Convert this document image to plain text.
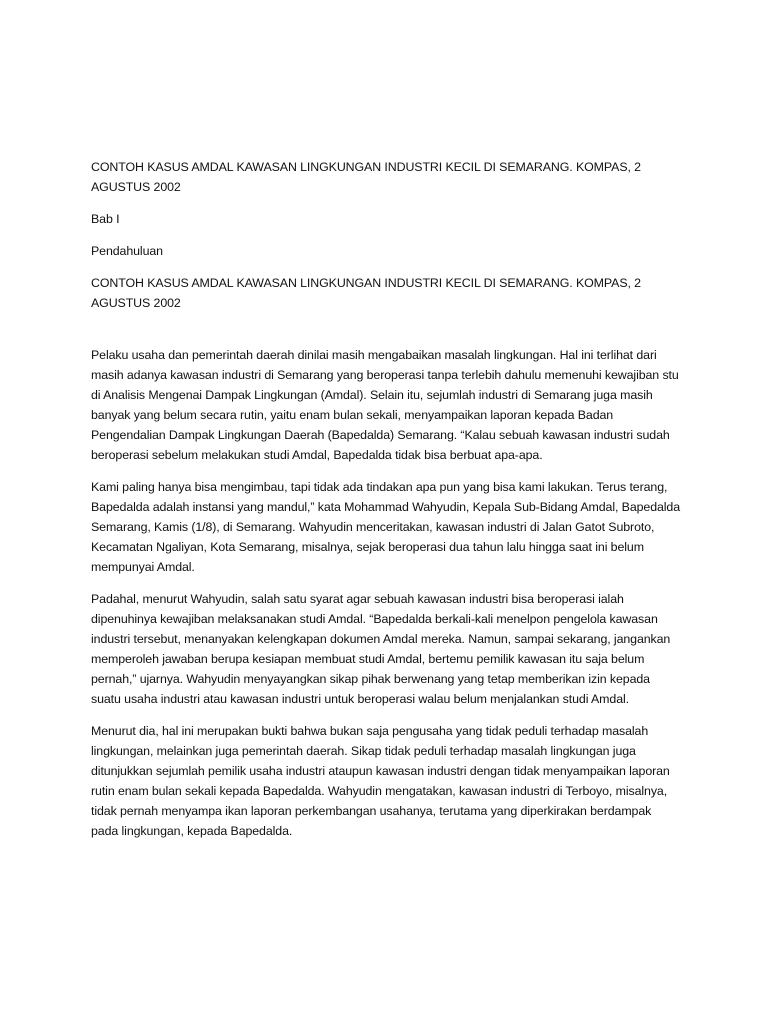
CONTOH KASUS AMDAL KAWASAN LINGKUNGAN INDUSTRI KECIL DI SEMARANG. KOMPAS, 2 AGUSTUS 2002

Bab I

Pendahuluan

CONTOH KASUS AMDAL KAWASAN LINGKUNGAN INDUSTRI KECIL DI SEMARANG. KOMPAS, 2 AGUSTUS 2002

Pelaku usaha dan pemerintah daerah dinilai masih mengabaikan masalah lingkungan. Hal ini terlihat dari masih adanya kawasan industri di Semarang yang beroperasi tanpa terlebih dahulu memenuhi kewajiban stu di Analisis Mengenai Dampak Lingkungan (Amdal). Selain itu, sejumlah industri di Semarang juga masih banyak yang belum secara rutin, yaitu enam bulan sekali, menyampaikan laporan kepada Badan Pengendalian Dampak Lingkungan Daerah (Bapedalda) Semarang. “Kalau sebuah kawasan industri sudah beroperasi sebelum melakukan studi Amdal, Bapedalda tidak bisa berbuat apa-apa.

Kami paling hanya bisa mengimbau, tapi tidak ada tindakan apa pun yang bisa kami lakukan. Terus terang, Bapedalda adalah instansi yang mandul,” kata Mohammad Wahyudin, Kepala Sub-Bidang Amdal, Bapedalda Semarang, Kamis (1/8), di Semarang. Wahyudin menceritakan, kawasan industri di Jalan Gatot Subroto, Kecamatan Ngaliyan, Kota Semarang, misalnya, sejak beroperasi dua tahun lalu hingga saat ini belum mempunyai Amdal.

Padahal, menurut Wahyudin, salah satu syarat agar sebuah kawasan industri bisa beroperasi ialah dipenuhinya kewajiban melaksanakan studi Amdal. “Bapedalda berkali-kali menelpon pengelola kawasan industri tersebut, menanyakan kelengkapan dokumen Amdal mereka. Namun, sampai sekarang, jangankan memperoleh jawaban berupa kesiapan membuat studi Amdal, bertemu pemilik kawasan itu saja belum pernah,” ujarnya. Wahyudin menyayangkan sikap pihak berwenang yang tetap memberikan izin kepada suatu usaha industri atau kawasan industri untuk beroperasi walau belum menjalankan studi Amdal.

Menurut dia, hal ini merupakan bukti bahwa bukan saja pengusaha yang tidak peduli terhadap masalah lingkungan, melainkan juga pemerintah daerah. Sikap tidak peduli terhadap masalah lingkungan juga ditunjukkan sejumlah pemilik usaha industri ataupun kawasan industri dengan tidak menyampaikan laporan rutin enam bulan sekali kepada Bapedalda. Wahyudin mengatakan, kawasan industri di Terboyo, misalnya, tidak pernah menyampa ikan laporan perkembangan usahanya, terutama yang diperkirakan berdampak pada lingkungan, kepada Bapedalda.
